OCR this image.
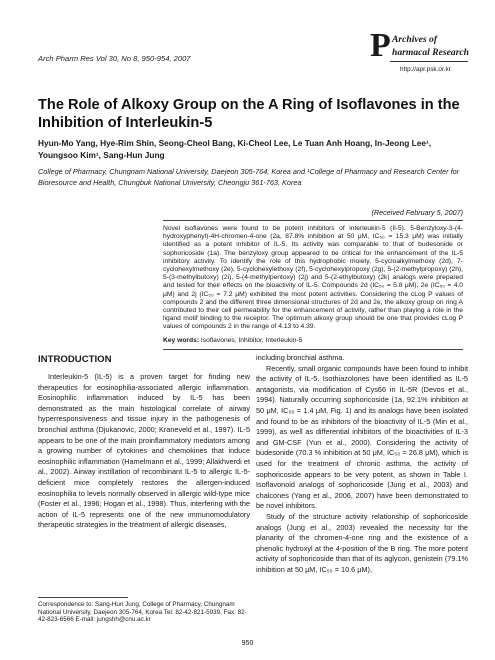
Arch Pharm Res Vol 30, No 8, 950-954, 2007	P Archives of
harmacal Research
http://apr.psk.or.kr
The Role of Alkoxy Group on the A Ring of Isoflavones in the Inhibition of Interleukin-5
Hyun-Mo Yang, Hye-Rim Shin, Seong-Cheol Bang, Ki-Cheol Lee, Le Tuan Anh Hoang, In-Jeong Lee¹, Youngsoo Kim¹, Sang-Hun Jung
College of Pharmacy, Chungnam National University, Daejeon 305-764, Korea and ¹College of Pharmacy and Research Center for Bioresource and Health, Chungbuk National University, Cheongju 361-763, Korea
(Received February 5, 2007)
Novel isoflavones were found to be potent inhibitors of interleukin-5 (Il-5). 5-Benzyloxy-3-(4-hydroxyphenyl)-4H-chromen-4-one (2a, 87.8% inhibition at 50 μM, IC₅₀ = 15.3 μM) was initially identified as a potent inhibitor of IL-5. Its activity was comparable to that of budesonide or sophoricoside (1a). The benzyloxy group appeared to be critical for the enhancement of the IL-5 inhibitory activity. To identify the role of this hydrophobic moiety, 5-cycloalkylmethoxy (2d), 7-cyclohexylmethoxy (2e), 5-cyclohexylethoxy (2f), 5-cyclohexylpropoxy (2g), 5-(2-methylpropoxy) (2h), 5-(3-methylbutoxy) (2i), 5-(4-methylpentoxy) (2j) and 5-(2-ethylbutoxy) (2k) analogs were prepared and tested for their effects on the bioactivity of IL-5. Compounds 2d (IC₅₀ = 5.8 μM), 2e (IC₅₀ = 4.0 μM) and 2j (IC₅₀ = 7.2 μM) exhibited the most potent activities. Considering the cLog P values of compounds 2 and the different three dimensional structures of 2d and 2e, the alkoxy group on ring A contributed to their cell permeability for the enhancement of activity, rather than playing a role in the ligand motif binding to the receptor. The optimum alkoxy group should be one that provides cLog P values of compounds 2 in the range of 4.13 to 4.39.
Key words: Isoflavones, Inhibitor, Interleukin-5
INTRODUCTION

Interleukin-5 (IL-5) is a proven target for finding new therapeutics for eosinophilia-associated allergic inflammation. Eosinophilic inflammation induced by IL-5 has been demonstrated as the main histological correlate of airway hyperresponsiveness and tissue injury in the pathogenesis of bronchial asthma (Djukanovic, 2000; Kraneveld et al., 1997). IL-5 appears to be one of the main proinflammatory mediators among a growing number of cytokines and chemokines that induce eosinophilic inflammation (Hamelmann et al., 1999; Allakhverdi et al., 2002). Airway instillation of recombinant IL-5 to allergic IL-5-deficient mice completely restores the allergen-induced eosinophilia to levels normally observed in allergic wild-type mice (Foster et al., 1996; Hogan et al., 1998). Thus, interfering with the action of IL-5 represents one of the new immunomodulatory therapeutic strategies in the treatment of allergic diseases,

including bronchial asthma.

Recently, small organic compounds have been found to inhibit the activity of IL-5. Isothiazolones have been identified as IL-5 antagonists, via modification of Cys66 in IL-5R (Devos et al., 1994). Naturally occurring sophoricoside (1a, 92.1% inhibition at 50 μM, IC₅₀ = 1.4 μM, Fig. 1) and its analogs have been isolated and found to be as inhibitors of the bioactivity of IL-5 (Min et al., 1999), as well as differential inhibitors of the bioactivities of IL-3 and GM-CSF (Yun et al., 2000). Considering the activity of budesonide (70.3 % inhibition at 50 μM, IC₅₀ = 26.8 μM), which is used for the treatment of chronic asthma, the activity of sophoricoside appears to be very potent, as shown in Table I. Isoflavonoid analogs of sophoricoside (Jung et al., 2003) and chalcones (Yang et al., 2006, 2007) have been demonstrated to be novel inhibitors.

Study of the structure activity relationship of sophoricoside analogs (Jung et al., 2003) revealed the necessity for the planarity of the chromen-4-one ring and the existence of a phenolic hydroxyl at the 4-position of the B ring. The more potent activity of sophoricoside than that of its aglycon, genistein (79.1% inhibition at 50 μM, IC₅₀ = 10.6 μM),

Correspondence to: Sang-Hun Jung, College of Pharmacy, Chungnam National University, Daejeon 305-764, Korea Tel: 82-42-821-5939, Fax: 82-42-823-6566 E-mail: jungshh@cnu.ac.kr
950
